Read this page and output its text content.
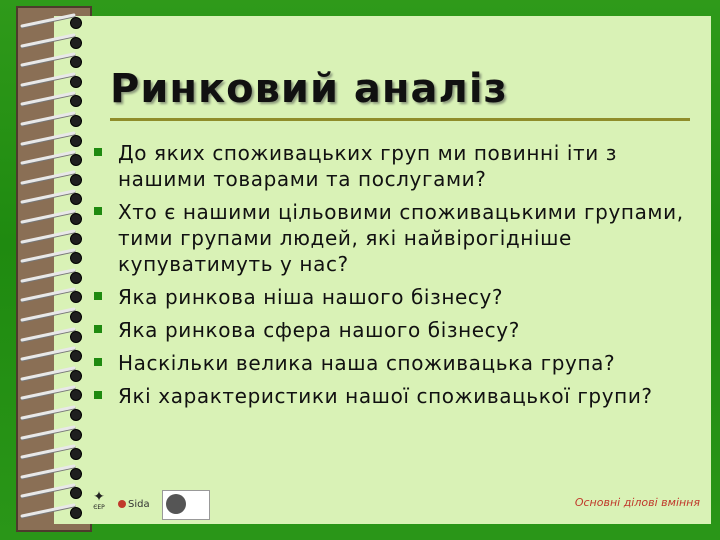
Ринковий аналіз
До яких споживацьких груп ми повинні іти з нашими товарами та послугами?
Хто є нашими цільовими споживацькими групами, тими групами людей, які найвірогідніше купуватимуть у нас?
Яка ринкова ніша нашого бізнесу?
Яка ринкова сфера нашого бізнесу?
Наскільки велика наша споживацька група?
Які характеристики нашої споживацької групи?
✦
ЄЕР	Sida	Основні ділові вміння
